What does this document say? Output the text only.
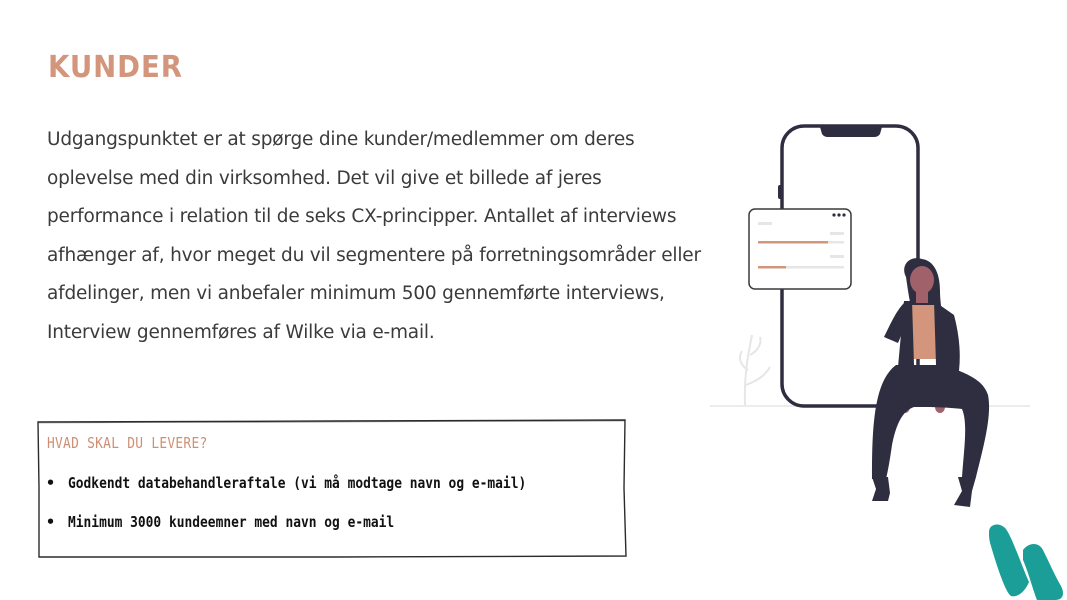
KUNDER

Udgangspunktet er at spørge dine kunder/medlemmer om deres

oplevelse med din virksomhed. Det vil give et billede af jeres

performance i relation til de seks CX-principper. Antallet af interviews

afhænger af, hvor meget du vil segmentere på forretningsområder eller

afdelinger, men vi anbefaler minimum 500 gennemførte interviews,

Interview gennemføres af Wilke via e-mail.

HVAD SKAL DU LEVERE?
• Godkendt databehandleraftale (vi må modtage navn og e-mail)
• Minimum 3000 kundeemner med navn og e-mail
